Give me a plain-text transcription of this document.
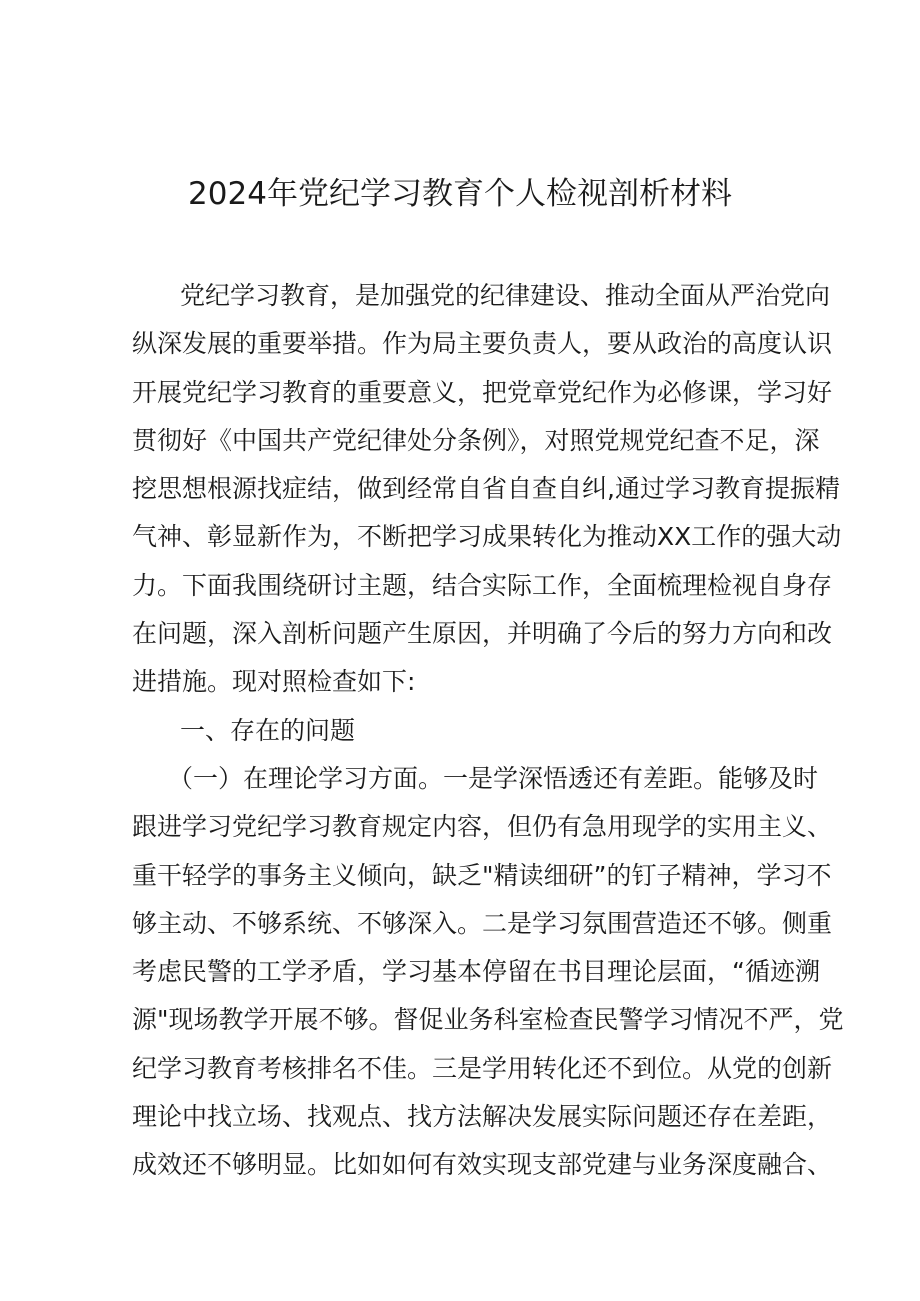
2024年党纪学习教育个人检视剖析材料
党纪学习教育，是加强党的纪律建设、推动全面从严治党向
纵深发展的重要举措。作为局主要负责人，要从政治的高度认识
开展党纪学习教育的重要意义，把党章党纪作为必修课，学习好
贯彻好《中国共产党纪律处分条例》，对照党规党纪查不足，深
挖思想根源找症结，做到经常自省自查自纠,通过学习教育提振精
气神、彰显新作为，不断把学习成果转化为推动XX工作的强大动
力。下面我围绕研讨主题，结合实际工作，全面梳理检视自身存
在问题，深入剖析问题产生原因，并明确了今后的努力方向和改
进措施。现对照检查如下:
一、存在的问题
（一）在理论学习方面。一是学深悟透还有差距。能够及时
跟进学习党纪学习教育规定内容，但仍有急用现学的实用主义、
重干轻学的事务主义倾向，缺乏"精读细研”的钉子精神，学习不
够主动、不够系统、不够深入。二是学习氛围营造还不够。侧重
考虑民警的工学矛盾，学习基本停留在书目理论层面，“循迹溯
源"现场教学开展不够。督促业务科室检查民警学习情况不严，党
纪学习教育考核排名不佳。三是学用转化还不到位。从党的创新
理论中找立场、找观点、找方法解决发展实际问题还存在差距，
成效还不够明显。比如如何有效实现支部党建与业务深度融合、
